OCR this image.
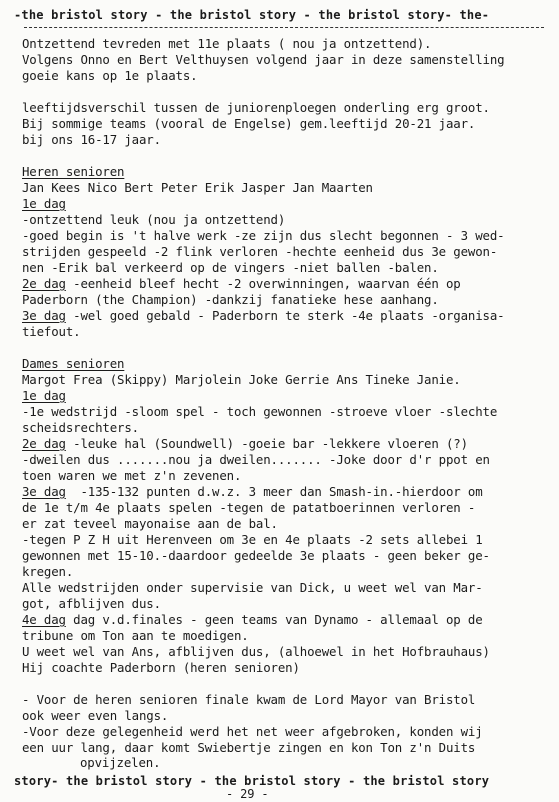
-the bristol story - the bristol story - the bristol story- the-
Ontzettend tevreden met 11e plaats ( nou ja ontzettend).
Volgens Onno en Bert Velthuysen volgend jaar in deze samenstelling
goeie kans op 1e plaats.
leeftijdsverschil tussen de juniorenploegen onderling erg groot.
Bij sommige teams (vooral de Engelse) gem.leeftijd 20-21 jaar.
bij ons 16-17 jaar.
Heren senioren
Jan Kees Nico Bert Peter Erik Jasper Jan Maarten
1e dag
-ontzettend leuk (nou ja ontzettend)
-goed begin is 't halve werk -ze zijn dus slecht begonnen - 3 wed-
strijden gespeeld -2 flink verloren -hechte eenheid dus 3e gewon-
nen -Erik bal verkeerd op de vingers -niet ballen -balen.
2e dag -eenheid bleef hecht -2 overwinningen, waarvan één op
Paderborn (the Champion) -dankzij fanatieke hese aanhang.
3e dag -wel goed gebald - Paderborn te sterk -4e plaats -organisa-
tiefout.
Dames senioren
Margot Frea (Skippy) Marjolein Joke Gerrie Ans Tineke Janie.
1e dag
-1e wedstrijd -sloom spel - toch gewonnen -stroeve vloer -slechte
scheidsrechters.
2e dag -leuke hal (Soundwell) -goeie bar -lekkere vloeren (?)
-dweilen dus .......nou ja dweilen....... -Joke door d'r ppot en
toen waren we met z'n zevenen.
3e dag  -135-132 punten d.w.z. 3 meer dan Smash-in.-hierdoor om
de 1e t/m 4e plaats spelen -tegen de patatboerinnen verloren -
er zat teveel mayonaise aan de bal.
-tegen P Z H uit Herenveen om 3e en 4e plaats -2 sets allebei 1
gewonnen met 15-10.-daardoor gedeelde 3e plaats - geen beker ge-
kregen.
Alle wedstrijden onder supervisie van Dick, u weet wel van Mar-
got, afblijven dus.
4e dag dag v.d.finales - geen teams van Dynamo - allemaal op de
tribune om Ton aan te moedigen.
U weet wel van Ans, afblijven dus, (alhoewel in het Hofbrauhaus)
Hij coachte Paderborn (heren senioren)
- Voor de heren senioren finale kwam de Lord Mayor van Bristol
ook weer even langs.
-Voor deze gelegenheid werd het net weer afgebroken, konden wij
een uur lang, daar komt Swiebertje zingen en kon Ton z'n Duits
opvijzelen.
story- the bristol story - the bristol story - the bristol story
- 29 -
